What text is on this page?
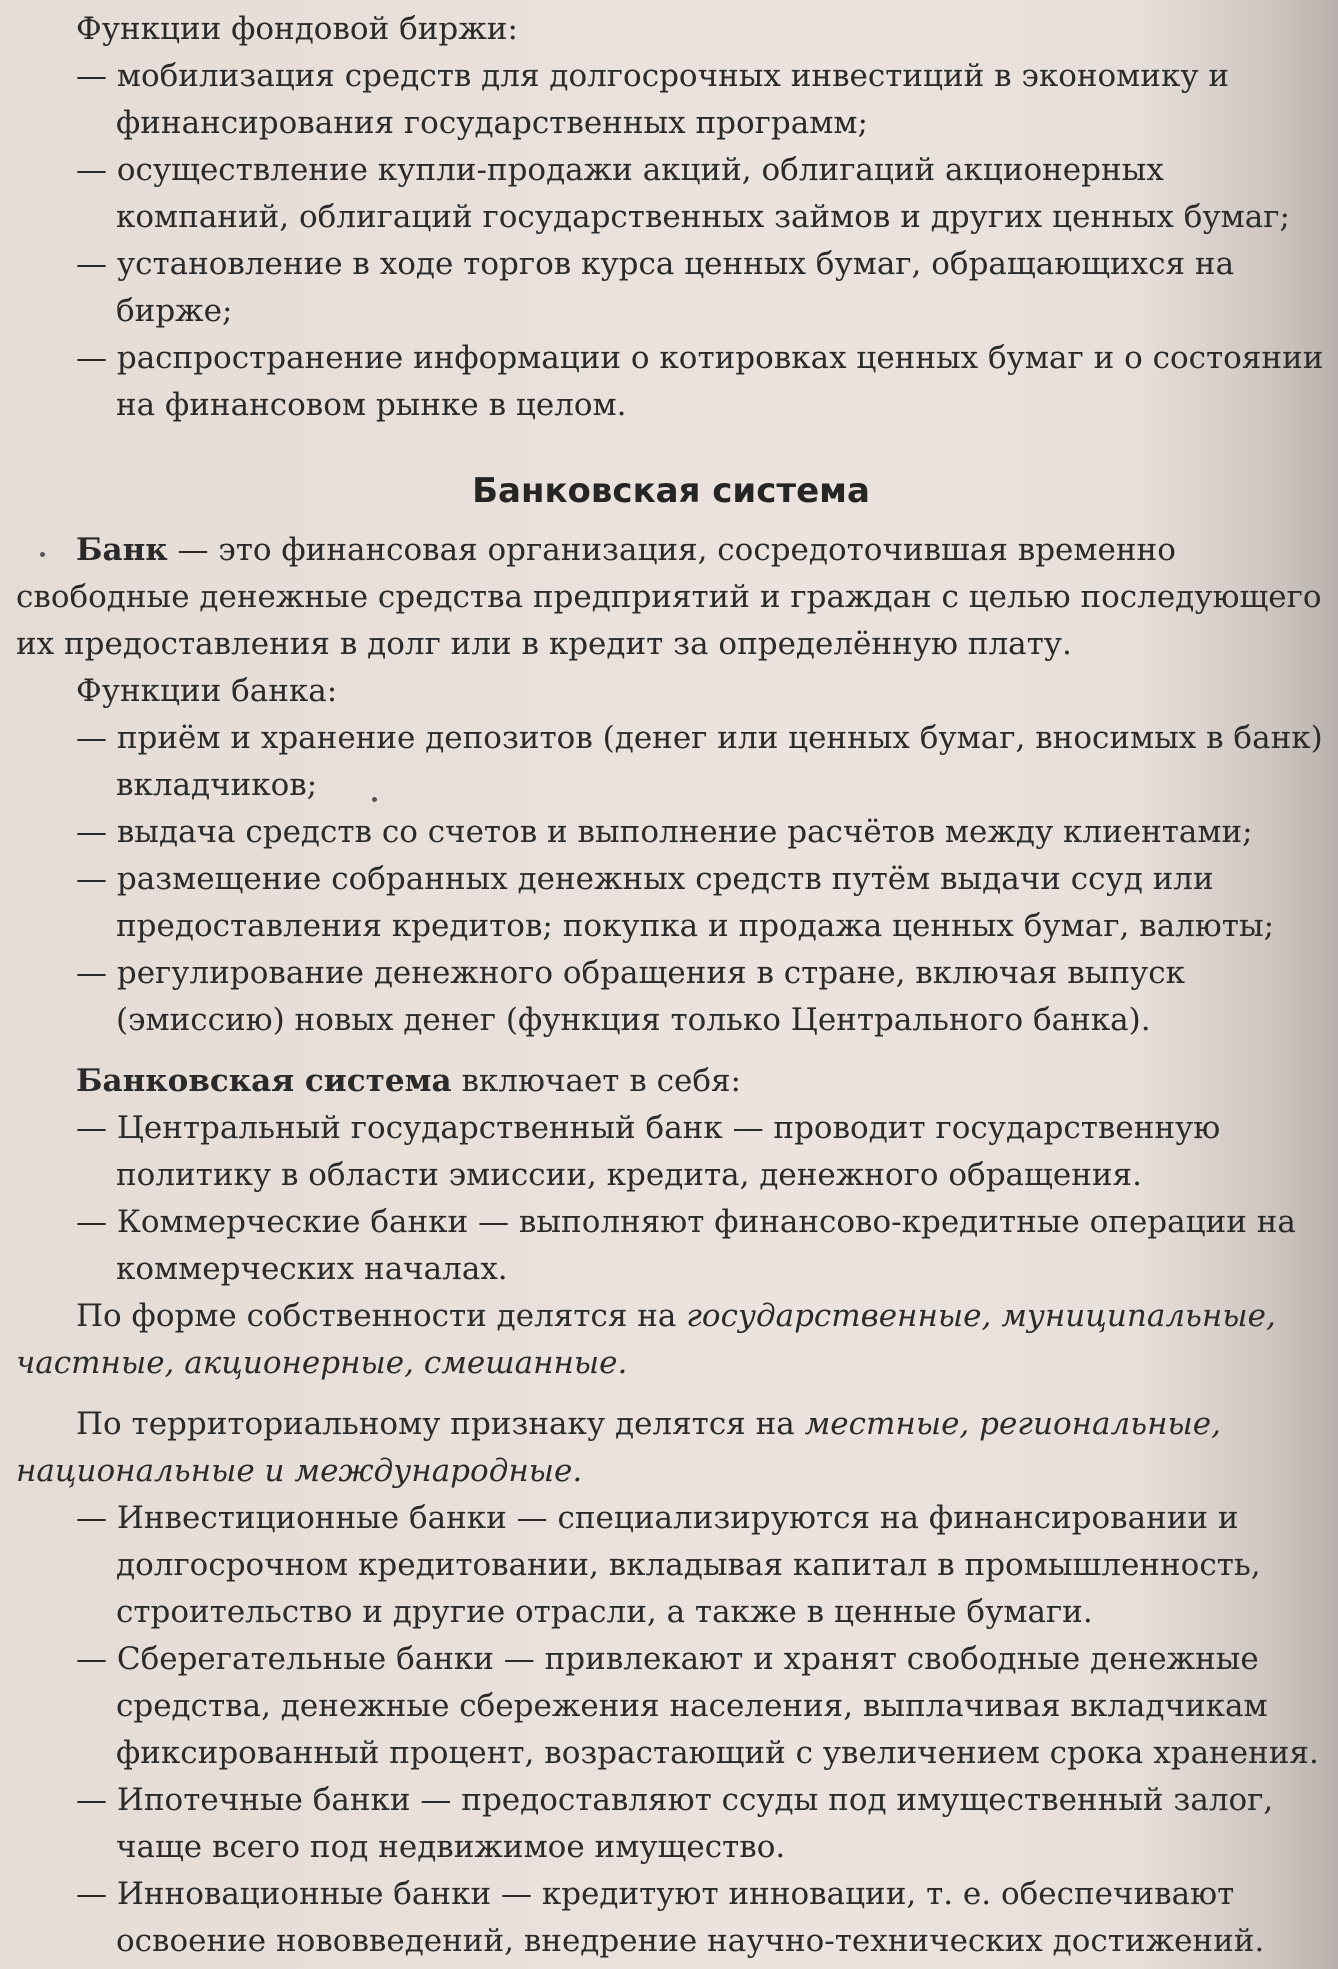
Функции фондовой биржи:

— мобилизация средств для долгосрочных инвестиций в экономику и финансирования государственных программ;

— осуществление купли-продажи акций, облигаций акционерных компаний, облигаций государственных займов и других ценных бумаг;

— установление в ходе торгов курса ценных бумаг, обращающихся на бирже;

— распространение информации о котировках ценных бумаг и о состоянии на финансовом рынке в целом.

Банковская система

Банк — это финансовая организация, сосредоточившая временно свободные денежные средства предприятий и граждан с целью последующего их предоставления в долг или в кредит за определённую плату.

Функции банка:

— приём и хранение депозитов (денег или ценных бумаг, вносимых в банк) вкладчиков;

— выдача средств со счетов и выполнение расчётов между клиентами;

— размещение собранных денежных средств путём выдачи ссуд или предоставления кредитов; покупка и продажа ценных бумаг, валюты;

— регулирование денежного обращения в стране, включая выпуск (эмиссию) новых денег (функция только Центрального банка).

Банковская система включает в себя:

— Центральный государственный банк — проводит государственную политику в области эмиссии, кредита, денежного обращения.

— Коммерческие банки — выполняют финансово-кредитные операции на коммерческих началах.

По форме собственности делятся на государственные, муниципальные, частные, акционерные, смешанные.

По территориальному признаку делятся на местные, региональные, национальные и международные.

— Инвестиционные банки — специализируются на финансировании и долгосрочном кредитовании, вкладывая капитал в промышленность, строительство и другие отрасли, а также в ценные бумаги.

— Сберегательные банки — привлекают и хранят свободные денежные средства, денежные сбережения населения, выплачивая вкладчикам фиксированный процент, возрастающий с увеличением срока хранения.

— Ипотечные банки — предоставляют ссуды под имущественный залог, чаще всего под недвижимое имущество.

— Инновационные банки — кредитуют инновации, т. е. обеспечивают освоение нововведений, внедрение научно-технических достижений.
